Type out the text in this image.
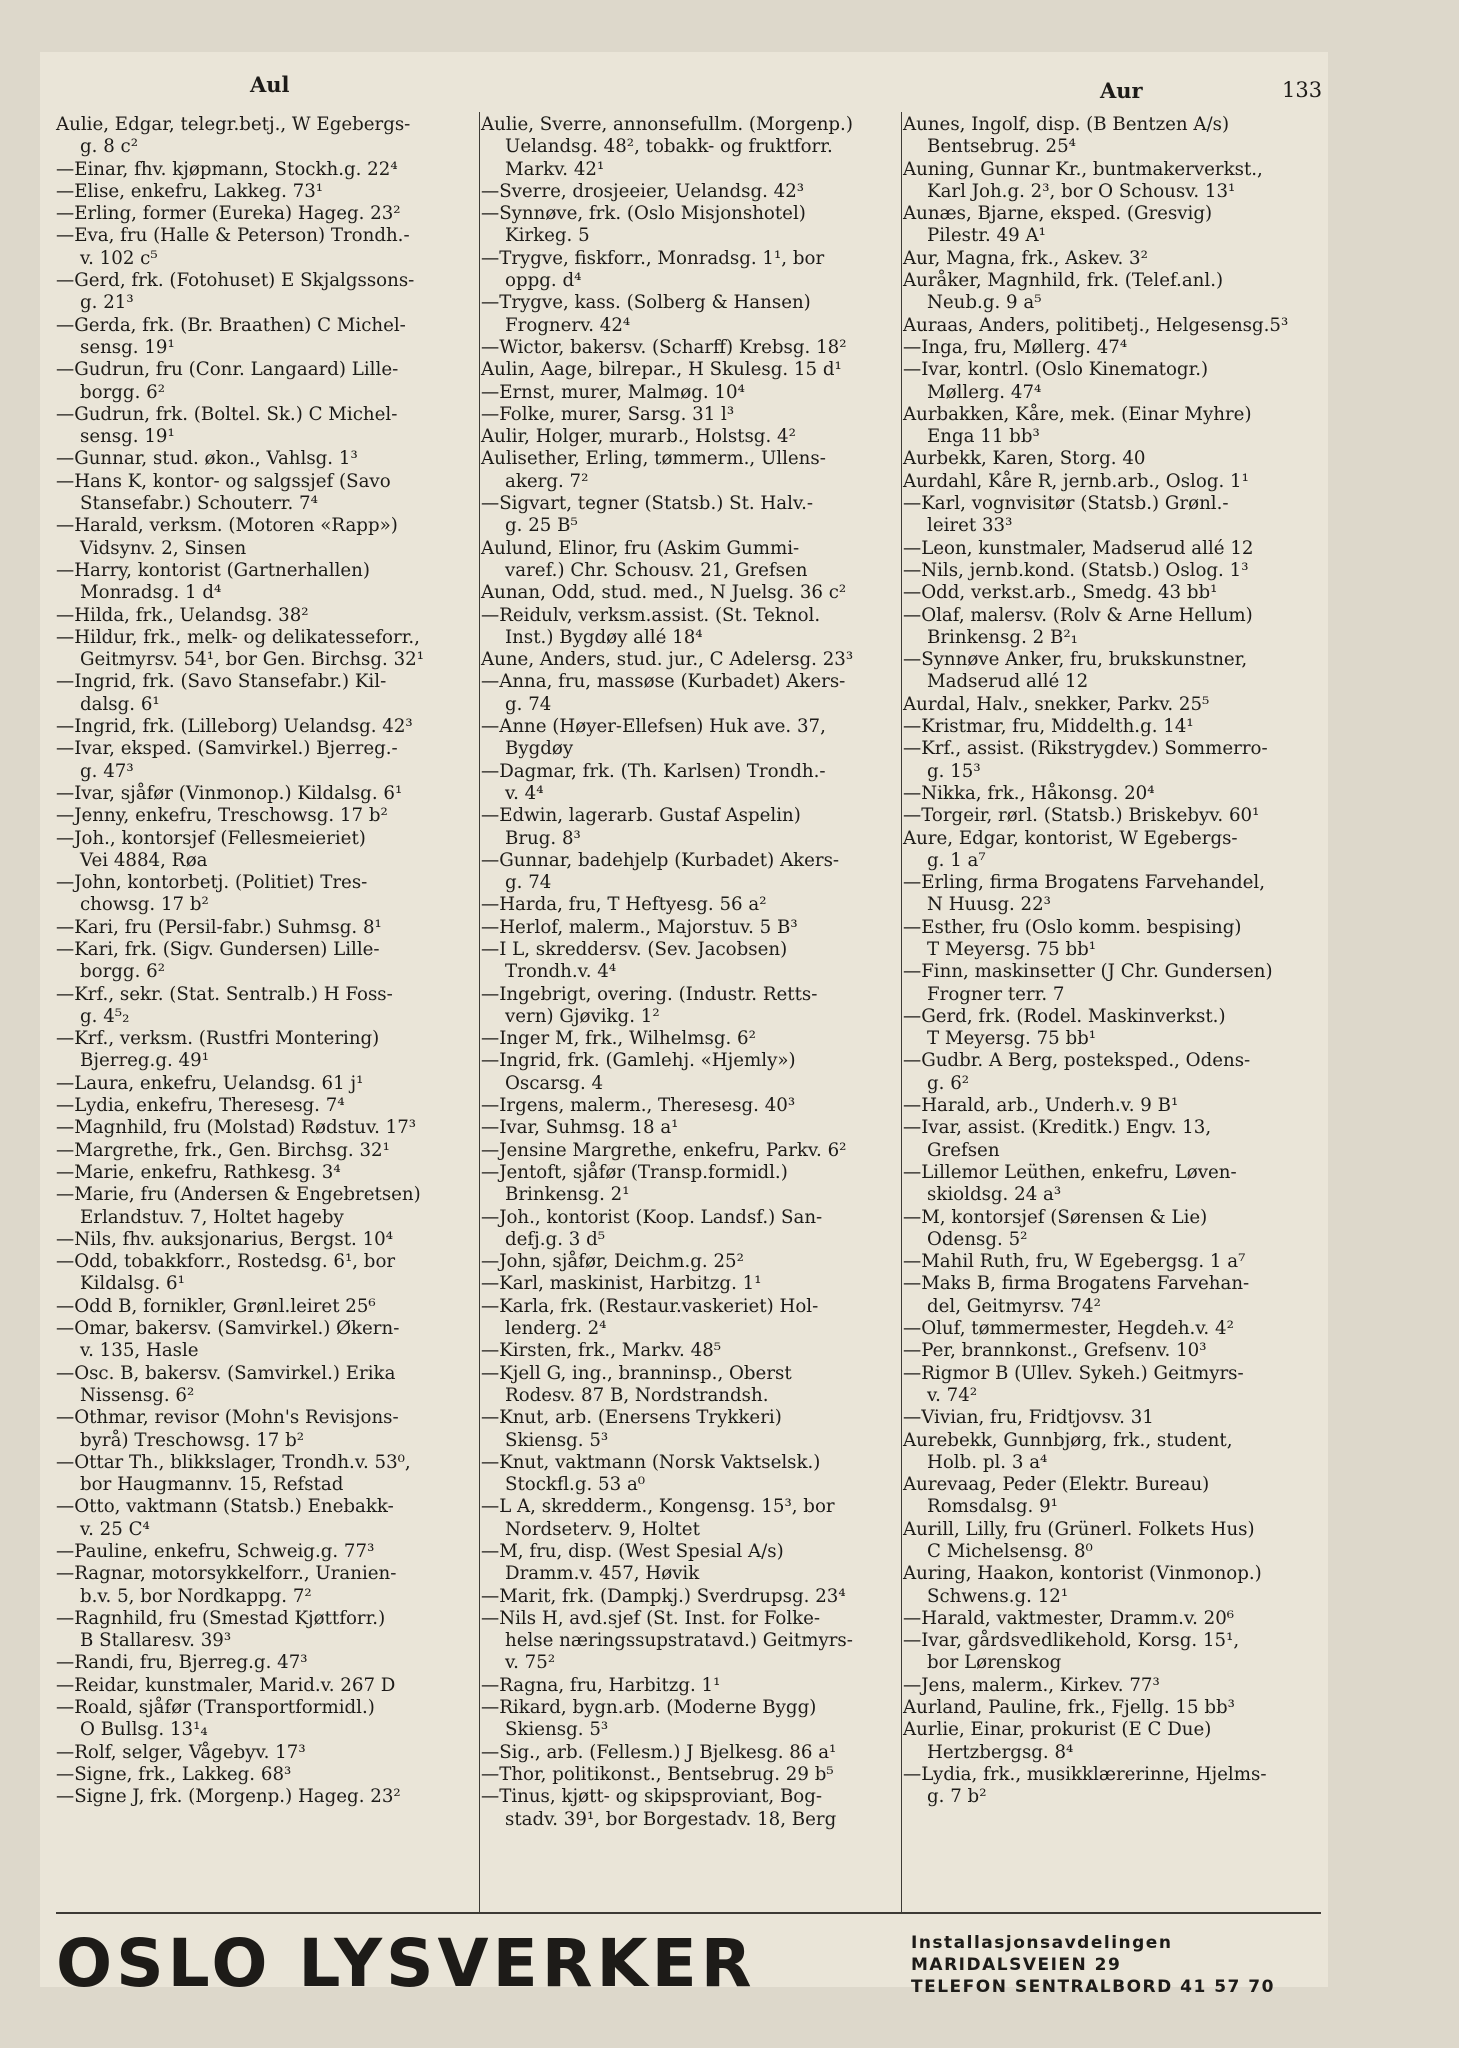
Aul	Aur	133
Aulie, Edgar, telegr.betj., W Egebergs-
g. 8 c²
—Einar, fhv. kjøpmann, Stockh.g. 22⁴
—Elise, enkefru, Lakkeg. 73¹
—Erling, former (Eureka) Hageg. 23²
—Eva, fru (Halle & Peterson) Trondh.-
v. 102 c⁵
—Gerd, frk. (Fotohuset) E Skjalgssons-
g. 21³
—Gerda, frk. (Br. Braathen) C Michel-
sensg. 19¹
—Gudrun, fru (Conr. Langaard) Lille-
borgg. 6²
—Gudrun, frk. (Boltel. Sk.) C Michel-
sensg. 19¹
—Gunnar, stud. økon., Vahlsg. 1³
—Hans K, kontor- og salgssjef (Savo
Stansefabr.) Schouterr. 7⁴
—Harald, verksm. (Motoren «Rapp»)
Vidsynv. 2, Sinsen
—Harry, kontorist (Gartnerhallen)
Monradsg. 1 d⁴
—Hilda, frk., Uelandsg. 38²
—Hildur, frk., melk- og delikatesseforr.,
Geitmyrsv. 54¹, bor Gen. Birchsg. 32¹
—Ingrid, frk. (Savo Stansefabr.) Kil-
dalsg. 6¹
—Ingrid, frk. (Lilleborg) Uelandsg. 42³
—Ivar, eksped. (Samvirkel.) Bjerreg.-
g. 47³
—Ivar, sjåfør (Vinmonop.) Kildalsg. 6¹
—Jenny, enkefru, Treschowsg. 17 b²
—Joh., kontorsjef (Fellesmeieriet)
Vei 4884, Røa
—John, kontorbetj. (Politiet) Tres-
chowsg. 17 b²
—Kari, fru (Persil-fabr.) Suhmsg. 8¹
—Kari, frk. (Sigv. Gundersen) Lille-
borgg. 6²
—Krf., sekr. (Stat. Sentralb.) H Foss-
g. 4⁵₂
—Krf., verksm. (Rustfri Montering)
Bjerreg.g. 49¹
—Laura, enkefru, Uelandsg. 61 j¹
—Lydia, enkefru, Theresesg. 7⁴
—Magnhild, fru (Molstad) Rødstuv. 17³
—Margrethe, frk., Gen. Birchsg. 32¹
—Marie, enkefru, Rathkesg. 3⁴
—Marie, fru (Andersen & Engebretsen)
Erlandstuv. 7, Holtet hageby
—Nils, fhv. auksjonarius, Bergst. 10⁴
—Odd, tobakkforr., Rostedsg. 6¹, bor
Kildalsg. 6¹
—Odd B, fornikler, Grønl.leiret 25⁶
—Omar, bakersv. (Samvirkel.) Økern-
v. 135, Hasle
—Osc. B, bakersv. (Samvirkel.) Erika
Nissensg. 6²
—Othmar, revisor (Mohn's Revisjons-
byrå) Treschowsg. 17 b²
—Ottar Th., blikkslager, Trondh.v. 53⁰,
bor Haugmannv. 15, Refstad
—Otto, vaktmann (Statsb.) Enebakk-
v. 25 C⁴
—Pauline, enkefru, Schweig.g. 77³
—Ragnar, motorsykkelforr., Uranien-
b.v. 5, bor Nordkappg. 7²
—Ragnhild, fru (Smestad Kjøttforr.)
B Stallaresv. 39³
—Randi, fru, Bjerreg.g. 47³
—Reidar, kunstmaler, Marid.v. 267 D
—Roald, sjåfør (Transportformidl.)
O Bullsg. 13¹₄
—Rolf, selger, Vågebyv. 17³
—Signe, frk., Lakkeg. 68³
—Signe J, frk. (Morgenp.) Hageg. 23²
Aulie, Sverre, annonsefullm. (Morgenp.)
Uelandsg. 48², tobakk- og fruktforr.
Markv. 42¹
—Sverre, drosjeeier, Uelandsg. 42³
—Synnøve, frk. (Oslo Misjonshotel)
Kirkeg. 5
—Trygve, fiskforr., Monradsg. 1¹, bor
oppg. d⁴
—Trygve, kass. (Solberg & Hansen)
Frognerv. 42⁴
—Wictor, bakersv. (Scharff) Krebsg. 18²
Aulin, Aage, bilrepar., H Skulesg. 15 d¹
—Ernst, murer, Malmøg. 10⁴
—Folke, murer, Sarsg. 31 l³
Aulir, Holger, murarb., Holstsg. 4²
Aulisether, Erling, tømmerm., Ullens-
akerg. 7²
—Sigvart, tegner (Statsb.) St. Halv.-
g. 25 B⁵
Aulund, Elinor, fru (Askim Gummi-
varef.) Chr. Schousv. 21, Grefsen
Aunan, Odd, stud. med., N Juelsg. 36 c²
—Reidulv, verksm.assist. (St. Teknol.
Inst.) Bygdøy allé 18⁴
Aune, Anders, stud. jur., C Adelersg. 23³
—Anna, fru, massøse (Kurbadet) Akers-
g. 74
—Anne (Høyer-Ellefsen) Huk ave. 37,
Bygdøy
—Dagmar, frk. (Th. Karlsen) Trondh.-
v. 4⁴
—Edwin, lagerarb. Gustaf Aspelin)
Brug. 8³
—Gunnar, badehjelp (Kurbadet) Akers-
g. 74
—Harda, fru, T Heftyesg. 56 a²
—Herlof, malerm., Majorstuv. 5 B³
—I L, skreddersv. (Sev. Jacobsen)
Trondh.v. 4⁴
—Ingebrigt, overing. (Industr. Retts-
vern) Gjøvikg. 1²
—Inger M, frk., Wilhelmsg. 6²
—Ingrid, frk. (Gamlehj. «Hjemly»)
Oscarsg. 4
—Irgens, malerm., Theresesg. 40³
—Ivar, Suhmsg. 18 a¹
—Jensine Margrethe, enkefru, Parkv. 6²
—Jentoft, sjåfør (Transp.formidl.)
Brinkensg. 2¹
—Joh., kontorist (Koop. Landsf.) San-
defj.g. 3 d⁵
—John, sjåfør, Deichm.g. 25²
—Karl, maskinist, Harbitzg. 1¹
—Karla, frk. (Restaur.vaskeriet) Hol-
lenderg. 2⁴
—Kirsten, frk., Markv. 48⁵
—Kjell G, ing., branninsp., Oberst
Rodesv. 87 B, Nordstrandsh.
—Knut, arb. (Enersens Trykkeri)
Skiensg. 5³
—Knut, vaktmann (Norsk Vaktselsk.)
Stockfl.g. 53 a⁰
—L A, skredderm., Kongensg. 15³, bor
Nordseterv. 9, Holtet
—M, fru, disp. (West Spesial A/s)
Dramm.v. 457, Høvik
—Marit, frk. (Dampkj.) Sverdrupsg. 23⁴
—Nils H, avd.sjef (St. Inst. for Folke-
helse næringssupstratavd.) Geitmyrs-
v. 75²
—Ragna, fru, Harbitzg. 1¹
—Rikard, bygn.arb. (Moderne Bygg)
Skiensg. 5³
—Sig., arb. (Fellesm.) J Bjelkesg. 86 a¹
—Thor, politikonst., Bentsebrug. 29 b⁵
—Tinus, kjøtt- og skipsproviant, Bog-
stadv. 39¹, bor Borgestadv. 18, Berg
Aunes, Ingolf, disp. (B Bentzen A/s)
Bentsebrug. 25⁴
Auning, Gunnar Kr., buntmakerverkst.,
Karl Joh.g. 2³, bor O Schousv. 13¹
Aunæs, Bjarne, eksped. (Gresvig)
Pilestr. 49 A¹
Aur, Magna, frk., Askev. 3²
Auråker, Magnhild, frk. (Telef.anl.)
Neub.g. 9 a⁵
Auraas, Anders, politibetj., Helgesensg.5³
—Inga, fru, Møllerg. 47⁴
—Ivar, kontrl. (Oslo Kinematogr.)
Møllerg. 47⁴
Aurbakken, Kåre, mek. (Einar Myhre)
Enga 11 bb³
Aurbekk, Karen, Storg. 40
Aurdahl, Kåre R, jernb.arb., Oslog. 1¹
—Karl, vognvisitør (Statsb.) Grønl.-
leiret 33³
—Leon, kunstmaler, Madserud allé 12
—Nils, jernb.kond. (Statsb.) Oslog. 1³
—Odd, verkst.arb., Smedg. 43 bb¹
—Olaf, malersv. (Rolv & Arne Hellum)
Brinkensg. 2 B²₁
—Synnøve Anker, fru, brukskunstner,
Madserud allé 12
Aurdal, Halv., snekker, Parkv. 25⁵
—Kristmar, fru, Middelth.g. 14¹
—Krf., assist. (Rikstrygdev.) Sommerro-
g. 15³
—Nikka, frk., Håkonsg. 20⁴
—Torgeir, rørl. (Statsb.) Briskebyv. 60¹
Aure, Edgar, kontorist, W Egebergs-
g. 1 a⁷
—Erling, firma Brogatens Farvehandel,
N Huusg. 22³
—Esther, fru (Oslo komm. bespising)
T Meyersg. 75 bb¹
—Finn, maskinsetter (J Chr. Gundersen)
Frogner terr. 7
—Gerd, frk. (Rodel. Maskinverkst.)
T Meyersg. 75 bb¹
—Gudbr. A Berg, posteksped., Odens-
g. 6²
—Harald, arb., Underh.v. 9 B¹
—Ivar, assist. (Kreditk.) Engv. 13,
Grefsen
—Lillemor Leüthen, enkefru, Løven-
skioldsg. 24 a³
—M, kontorsjef (Sørensen & Lie)
Odensg. 5²
—Mahil Ruth, fru, W Egebergsg. 1 a⁷
—Maks B, firma Brogatens Farvehan-
del, Geitmyrsv. 74²
—Oluf, tømmermester, Hegdeh.v. 4²
—Per, brannkonst., Grefsenv. 10³
—Rigmor B (Ullev. Sykeh.) Geitmyrs-
v. 74²
—Vivian, fru, Fridtjovsv. 31
Aurebekk, Gunnbjørg, frk., student,
Holb. pl. 3 a⁴
Aurevaag, Peder (Elektr. Bureau)
Romsdalsg. 9¹
Aurill, Lilly, fru (Grünerl. Folkets Hus)
C Michelsensg. 8⁰
Auring, Haakon, kontorist (Vinmonop.)
Schwens.g. 12¹
—Harald, vaktmester, Dramm.v. 20⁶
—Ivar, gårdsvedlikehold, Korsg. 15¹,
bor Lørenskog
—Jens, malerm., Kirkev. 77³
Aurland, Pauline, frk., Fjellg. 15 bb³
Aurlie, Einar, prokurist (E C Due)
Hertzbergsg. 8⁴
—Lydia, frk., musikklærerinne, Hjelms-
g. 7 b²
OSLO LYSVERKER	Installasjonsavdelingen
MARIDALSVEIEN 29
TELEFON SENTRALBORD 41 57 70
